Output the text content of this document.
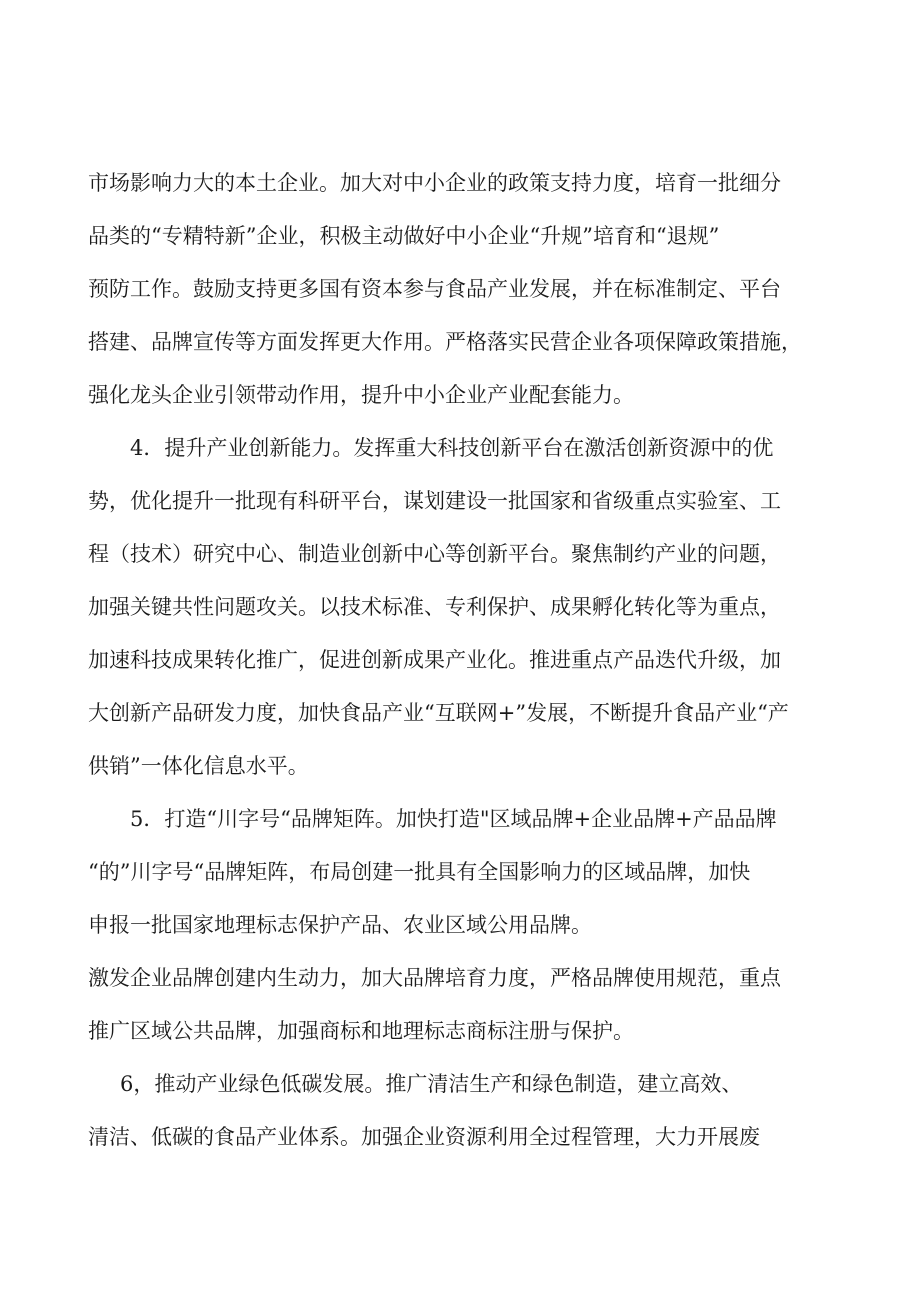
市场影响力大的本土企业。加大对中小企业的政策支持力度，培育一批细分
品类的“专精特新”企业，积极主动做好中小企业“升规”培育和“退规”
预防工作。鼓励支持更多国有资本参与食品产业发展，并在标准制定、平台
搭建、品牌宣传等方面发挥更大作用。严格落实民营企业各项保障政策措施，
强化龙头企业引领带动作用，提升中小企业产业配套能力。
4．提升产业创新能力。发挥重大科技创新平台在激活创新资源中的优
势，优化提升一批现有科研平台，谋划建设一批国家和省级重点实验室、工
程（技术）研究中心、制造业创新中心等创新平台。聚焦制约产业的问题，
加强关键共性问题攻关。以技术标准、专利保护、成果孵化转化等为重点，
加速科技成果转化推广，促进创新成果产业化。推进重点产品迭代升级，加
大创新产品研发力度，加快食品产业“互联网+”发展，不断提升食品产业“产
供销”一体化信息水平。
5．打造“川字号“品牌矩阵。加快打造"区域品牌+企业品牌+产品品牌
“的”川字号“品牌矩阵，布局创建一批具有全国影响力的区域品牌，加快
申报一批国家地理标志保护产品、农业区域公用品牌。
激发企业品牌创建内生动力，加大品牌培育力度，严格品牌使用规范，重点
推广区域公共品牌，加强商标和地理标志商标注册与保护。
6，推动产业绿色低碳发展。推广清洁生产和绿色制造，建立高效、
清洁、低碳的食品产业体系。加强企业资源利用全过程管理，大力开展废
